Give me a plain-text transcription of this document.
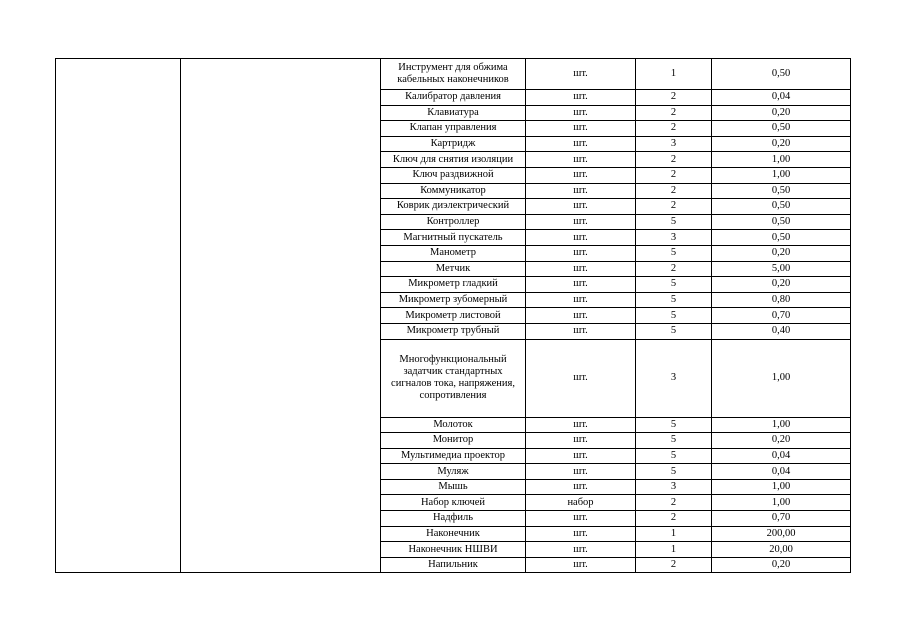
		Инструмент для обжима кабельных наконечников	шт.	1	0,50
		Калибратор давления	шт.	2	0,04
		Клавиатура	шт.	2	0,20
		Клапан управления	шт.	2	0,50
		Картридж	шт.	3	0,20
		Ключ для снятия изоляции	шт.	2	1,00
		Ключ раздвижной	шт.	2	1,00
		Коммуникатор	шт.	2	0,50
		Коврик диэлектрический	шт.	2	0,50
		Контроллер	шт.	5	0,50
		Магнитный пускатель	шт.	3	0,50
		Манометр	шт.	5	0,20
		Метчик	шт.	2	5,00
		Микрометр гладкий	шт.	5	0,20
		Микрометр зубомерный	шт.	5	0,80
		Микрометр листовой	шт.	5	0,70
		Микрометр трубный	шт.	5	0,40
		Многофункциональный задатчик стандартных сигналов тока, напряжения, сопротивления	шт.	3	1,00
		Молоток	шт.	5	1,00
		Монитор	шт.	5	0,20
		Мультимедиа проектор	шт.	5	0,04
		Муляж	шт.	5	0,04
		Мышь	шт.	3	1,00
		Набор ключей	набор	2	1,00
		Надфиль	шт.	2	0,70
		Наконечник	шт.	1	200,00
		Наконечник НШВИ	шт.	1	20,00
		Напильник	шт.	2	0,20
